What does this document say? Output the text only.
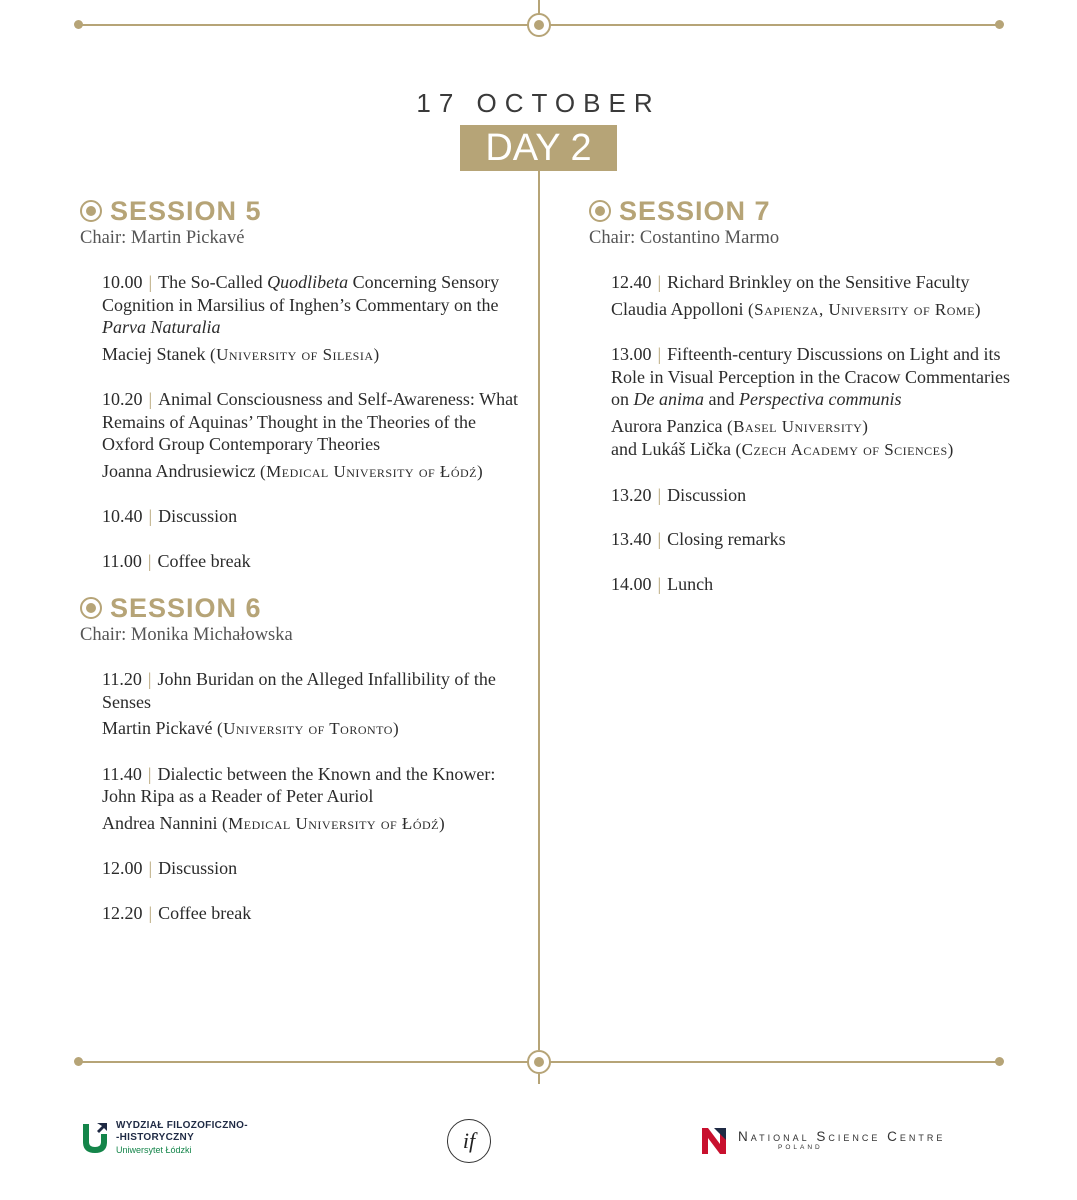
17 OCTOBER
DAY 2
SESSION 5
Chair: Martin Pickavé
10.00 | The So-Called Quodlibeta Concerning Sensory Cognition in Marsilius of Inghen’s Commentary on the Parva Naturalia
Maciej Stanek (University of Silesia)
10.20 | Animal Consciousness and Self-Awareness: What Remains of Aquinas’ Thought in the Theories of the Oxford Group Contemporary Theories
Joanna Andrusiewicz (Medical University of Łódź)
10.40 | Discussion
11.00 | Coffee break
SESSION 6
Chair: Monika Michałowska
11.20 | John Buridan on the Alleged Infallibility of the Senses
Martin Pickavé (University of Toronto)
11.40 | Dialectic between the Known and the Knower: John Ripa as a Reader of Peter Auriol
Andrea Nannini (Medical University of Łódź)
12.00 | Discussion
12.20 | Coffee break
SESSION 7
Chair: Costantino Marmo
12.40 | Richard Brinkley on the Sensitive Faculty
Claudia Appolloni (Sapienza, University of Rome)
13.00 | Fifteenth-century Discussions on Light and its Role in Visual Perception in the Cracow Commentaries on De anima and Perspectiva communis
Aurora Panzica (Basel University)
and Lukáš Lička (Czech Academy of Sciences)
13.20 | Discussion
13.40 | Closing remarks
14.00 | Lunch
WYDZIAŁ FILOZOFICZNO-
-HISTORYCZNY
Uniwersytet Łódzki	if	National Science Centre
POLAND
